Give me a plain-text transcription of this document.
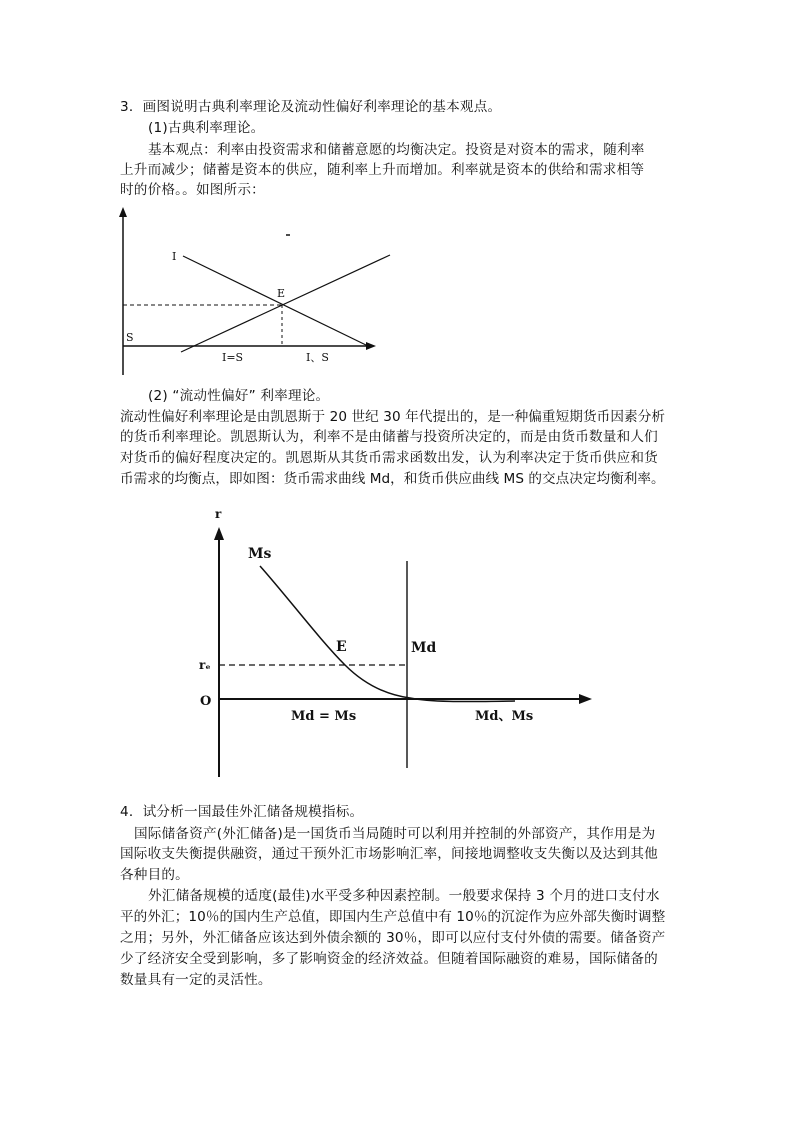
3．画图说明古典利率理论及流动性偏好利率理论的基本观点。
(1)古典利率理论。
基本观点：利率由投资需求和储蓄意愿的均衡决定。投资是对资本的需求，随利率
上升而减少；储蓄是资本的供应，随利率上升而增加。利率就是资本的供给和需求相等
时的价格。。如图所示：
I
E
S
I=S	I、S
r
Ms
E	Md
rₑ
O
Md = Ms	Md、Ms
(2) “流动性偏好” 利率理论。
流动性偏好利率理论是由凯恩斯于 20 世纪 30 年代提出的，是一种偏重短期货币因素分析
的货币利率理论。凯恩斯认为，利率不是由储蓄与投资所决定的，而是由货币数量和人们
对货币的偏好程度决定的。凯恩斯从其货币需求函数出发，认为利率决定于货币供应和货
币需求的均衡点，即如图：货币需求曲线 Md，和货币供应曲线 MS 的交点决定均衡利率。
4．试分析一国最佳外汇储备规模指标。
国际储备资产(外汇储备)是一国货币当局随时可以利用并控制的外部资产，其作用是为
国际收支失衡提供融资，通过干预外汇市场影响汇率，间接地调整收支失衡以及达到其他
各种目的。
外汇储备规模的适度(最佳)水平受多种因素控制。一般要求保持 3 个月的进口支付水
平的外汇；10％的国内生产总值，即国内生产总值中有 10％的沉淀作为应外部失衡时调整
之用；另外，外汇储备应该达到外债余额的 30％，即可以应付支付外债的需要。储备资产
少了经济安全受到影响，多了影响资金的经济效益。但随着国际融资的难易，国际储备的
数量具有一定的灵活性。
